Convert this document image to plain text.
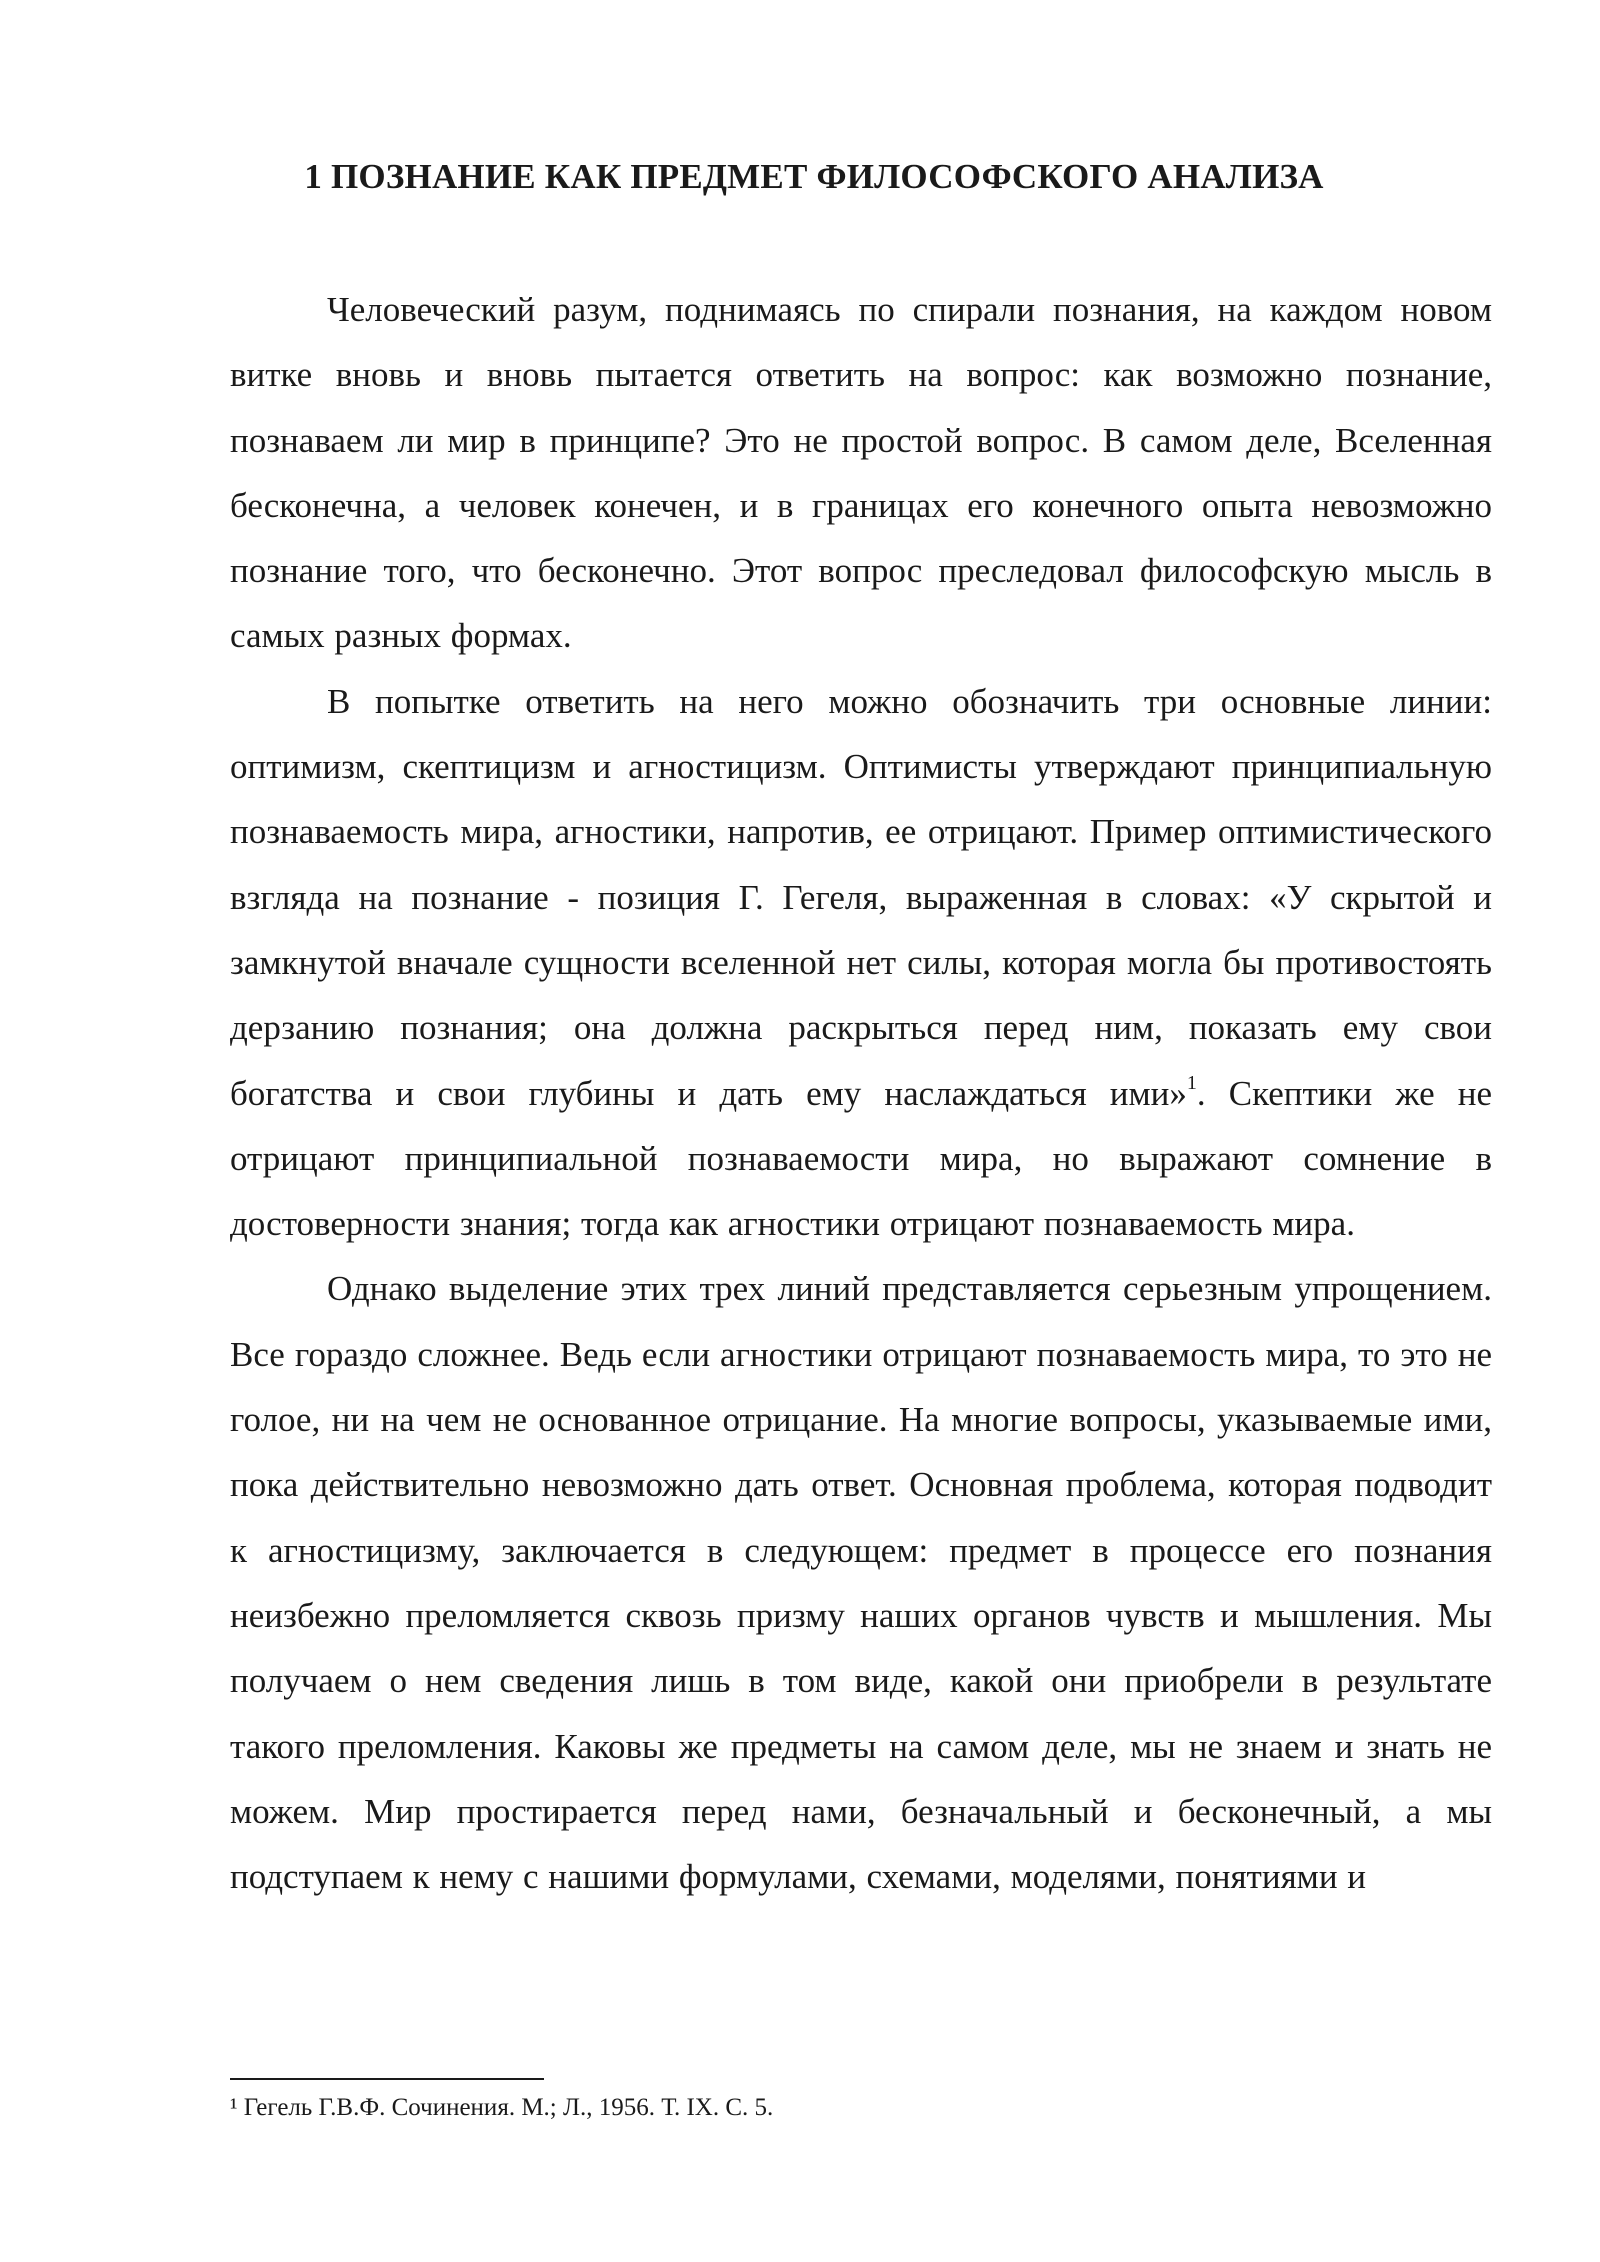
1 ПОЗНАНИЕ КАК ПРЕДМЕТ ФИЛОСОФСКОГО АНАЛИЗА

Человеческий разум, поднимаясь по спирали познания, на каждом новом витке вновь и вновь пытается ответить на вопрос: как возможно познание, познаваем ли мир в принципе? Это не простой вопрос. В самом деле, Вселенная бесконечна, а человек конечен, и в границах его конечного опыта невозможно познание того, что бесконечно. Этот вопрос преследовал философскую мысль в самых разных формах.

В попытке ответить на него можно обозначить три основные линии: оптимизм, скептицизм и агностицизм. Оптимисты утверждают принципиальную познаваемость мира, агностики, напротив, ее отрицают. Пример оптимистического взгляда на познание - позиция Г. Гегеля, выраженная в словах: «У скрытой и замкнутой вначале сущности вселенной нет силы, которая могла бы противостоять дерзанию познания; она должна раскрыться перед ним, показать ему свои богатства и свои глубины и дать ему наслаждаться ими»$^1$. Скептики же не отрицают принципиальной познаваемости мира, но выражают сомнение в достоверности знания; тогда как агностики отрицают познаваемость мира.

Однако выделение этих трех линий представляется серьезным упрощением. Все гораздо сложнее. Ведь если агностики отрицают познаваемость мира, то это не голое, ни на чем не основанное отрицание. На многие вопросы, указываемые ими, пока действительно невозможно дать ответ. Основная проблема, которая подводит к агностицизму, заключается в следующем: предмет в процессе его познания неизбежно преломляется сквозь призму наших органов чувств и мышления. Мы получаем о нем сведения лишь в том виде, какой они приобрели в результате такого преломления. Каковы же предметы на самом деле, мы не знаем и знать не можем. Мир простирается перед нами, безначальный и бесконечный, а мы подступаем к нему с нашими формулами, схемами, моделями, понятиями и

¹ Гегель Г.В.Ф. Сочинения. М.; Л., 1956. Т. IX. С. 5.
